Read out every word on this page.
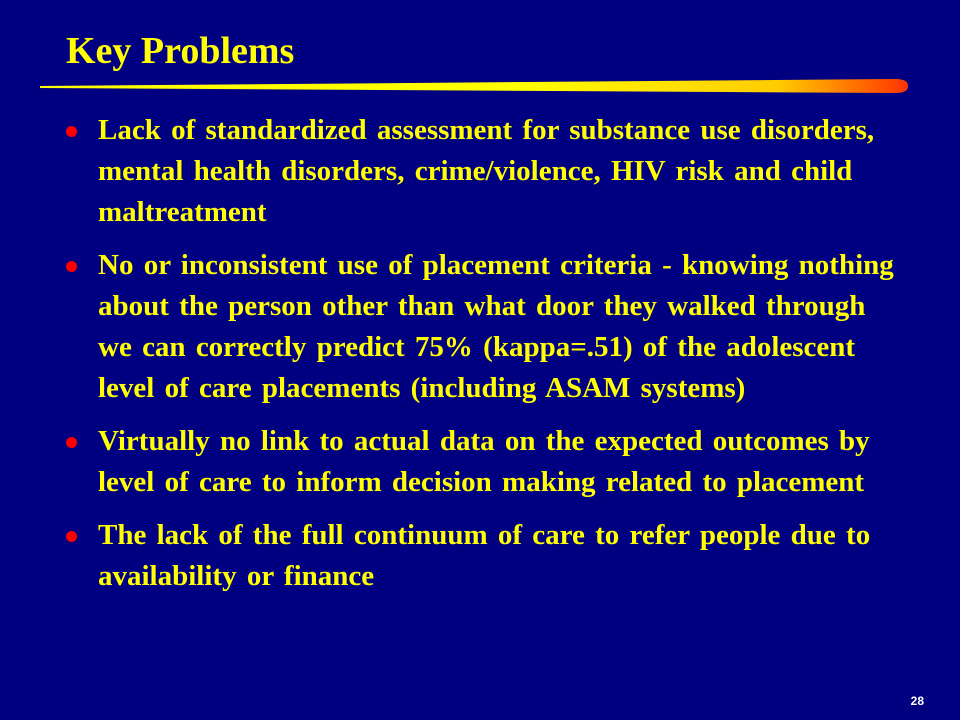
Key Problems
Lack of standardized assessment for substance use disorders, mental health disorders, crime/violence, HIV risk and child maltreatment
No or inconsistent use of placement criteria - knowing nothing about the person other than what door they walked through we can correctly predict 75% (kappa=.51) of the adolescent level of care placements (including ASAM systems)
Virtually no link to actual data on the expected outcomes by level of care to inform decision making related to placement
The lack of the full continuum of care to refer people due to availability or finance
28
